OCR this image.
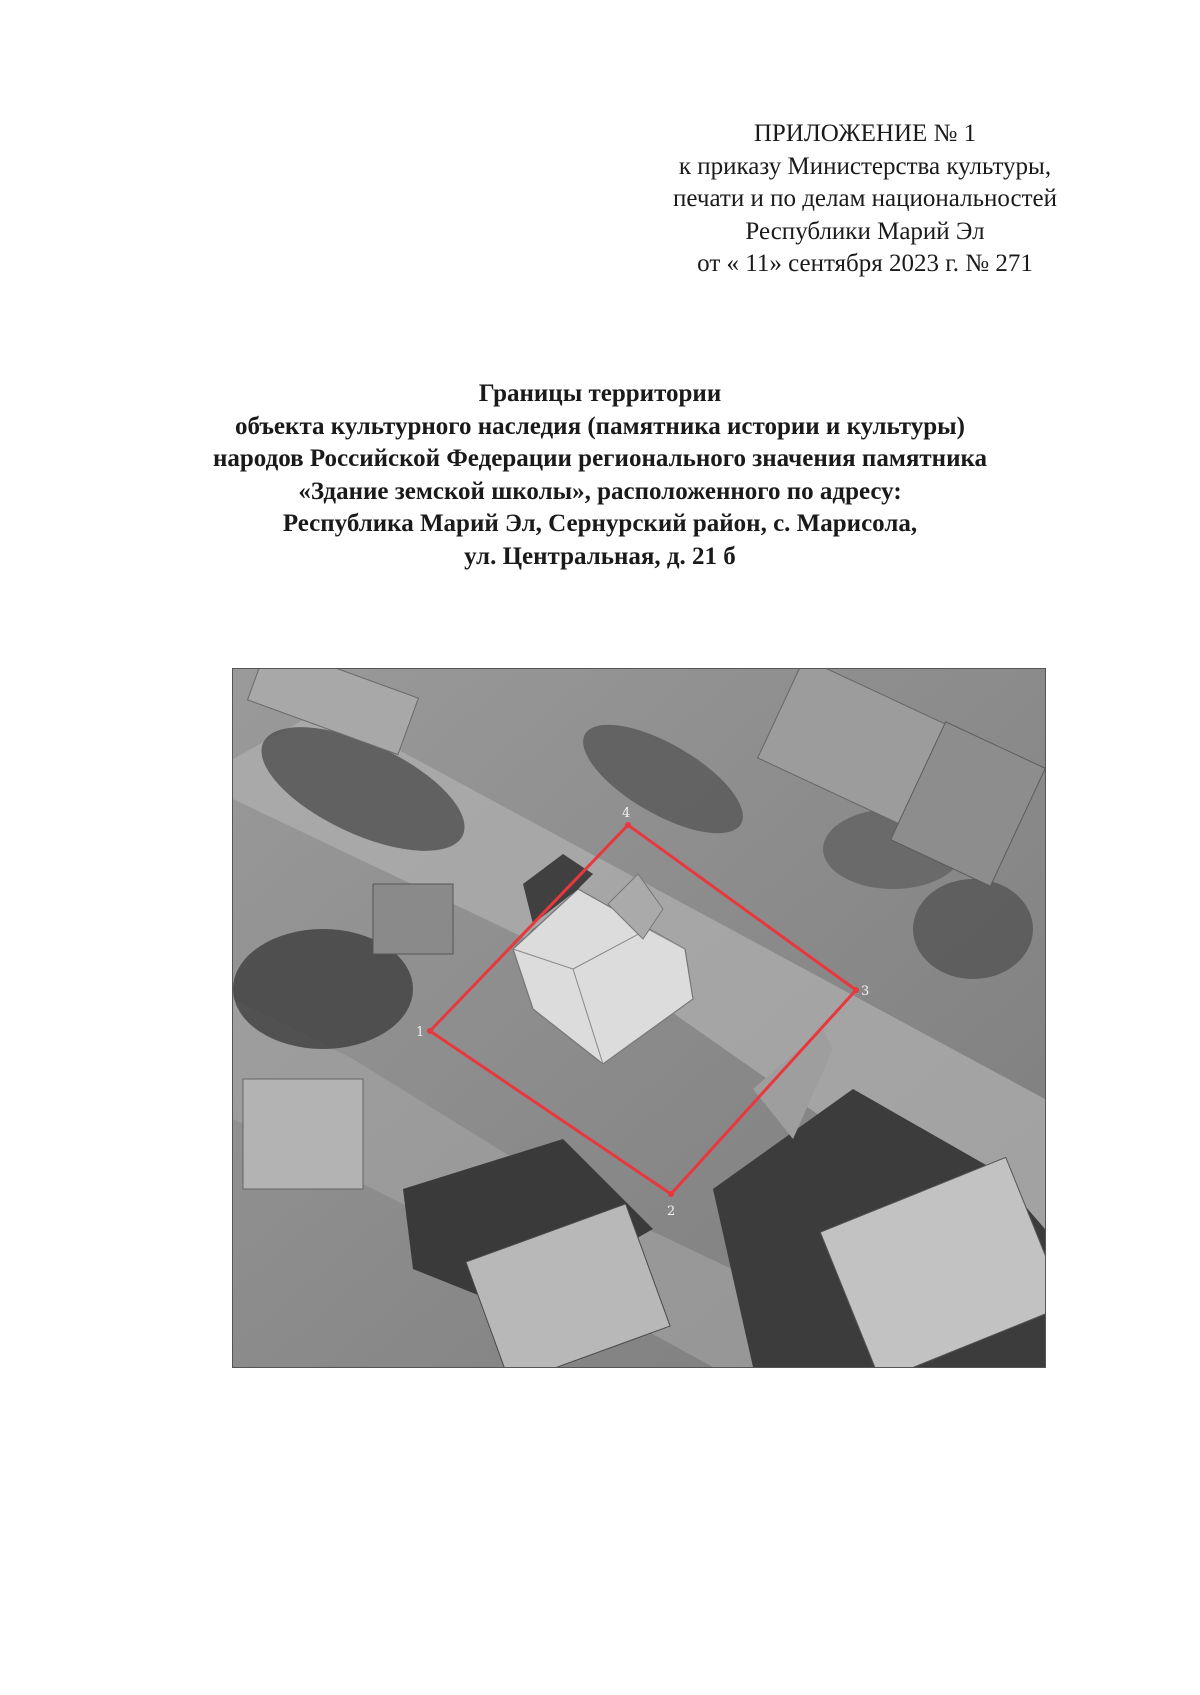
ПРИЛОЖЕНИЕ № 1
к приказу Министерства культуры,
печати и по делам национальностей
Республики Марий Эл
от « 11» сентября 2023 г. № 271
Границы территории
объекта культурного наследия (памятника истории и культуры)
народов Российской Федерации регионального значения памятника
«Здание земской школы», расположенного по адресу:
Республика Марий Эл, Сернурский район, с. Марисола,
ул. Центральная, д. 21 б
1
2
3
4
